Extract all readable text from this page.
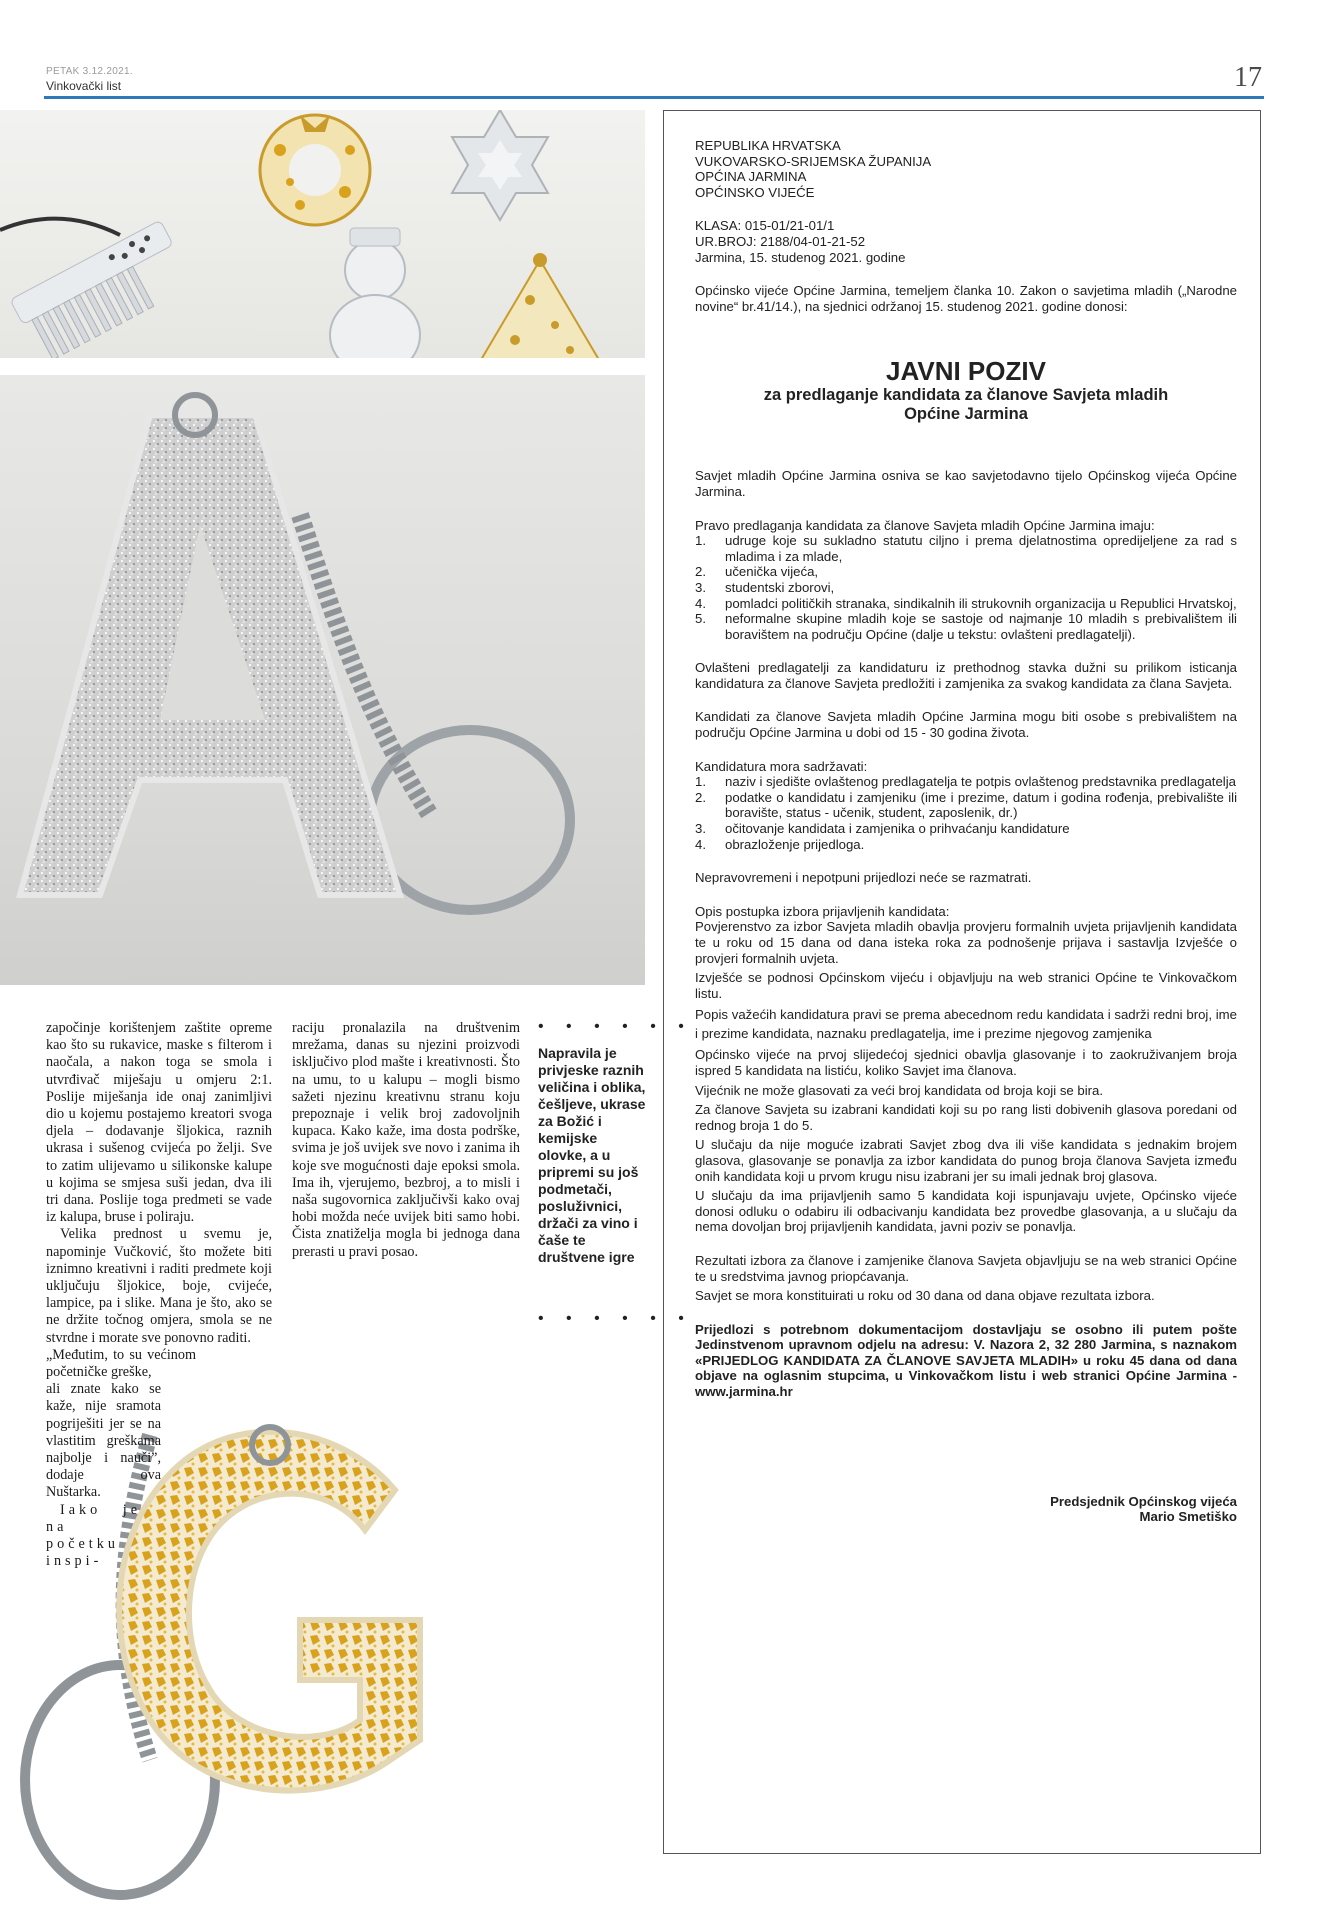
PETAK 3.12.2021.
Vinkovački list	17

započinje korištenjem zaštite opreme kao što su rukavice, maske s filterom i naočala, a nakon toga se smola i utvrđivač miješaju u omjeru 2:1. Poslije miješanja ide onaj zanimljivi dio u kojemu postajemo kreatori svoga djela – dodavanje šljokica, raznih ukrasa i sušenog cvijeća po želji. Sve to zatim ulijevamo u silikonske kalupe u kojima se smjesa suši jedan, dva ili tri dana. Poslije toga predmeti se vade iz kalupa, bruse i poliraju.

Velika prednost u svemu je, napominje Vučković, što možete biti iznimno kreativni i raditi predmete koji uključuju šljokice, boje, cvijeće, lampice, pa i slike. Mana je što, ako se ne držite točnog omjera, smola se ne stvrdne i morate sve ponovno raditi.

„Međutim, to su većinom početničke greške,

ali znate kako se kaže, nije sramota pogriješiti jer se na vlastitim greškama najbolje i nauči”, dodaje ova Nuštarka.

Iako je na početku inspi-

raciju pronalazila na društvenim mrežama, danas su njezini proizvodi isključivo plod mašte i kreativnosti. Što na umu, to u kalupu – mogli bismo sažeti njezinu kreativnu stranu koju prepoznaje i velik broj zadovoljnih kupaca. Kako kaže, ima dosta podrške, svima je još uvijek sve novo i zanima ih koje sve mogućnosti daje epoksi smola. Ima ih, vjerujemo, bezbroj, a to misli i naša sugovornica zaključivši kako ovaj hobi možda neće uvijek biti samo hobi. Čista znatiželja mogla bi jednoga dana prerasti u pravi posao.

• • • • • •
Napravila je privjeske raznih veličina i oblika, češljeve, ukrase za Božić i kemijske olovke, a u pripremi su još podmetači, posluživnici, držači za vino i čaše te društvene igre
• • • • • •

REPUBLIKA HRVATSKA

VUKOVARSKO-SRIJEMSKA ŽUPANIJA

OPĆINA JARMINA

OPĆINSKO VIJEĆE

KLASA: 015-01/21-01/1

UR.BROJ: 2188/04-01-21-52

Jarmina, 15. studenog 2021. godine

Općinsko vijeće Općine Jarmina, temeljem članka 10. Zakon o savjetima mladih („Narodne novine“ br.41/14.), na sjednici održanoj 15. studenog 2021. godine donosi:

JAVNI POZIV
za predlaganje kandidata za članove Savjeta mladih
Općine Jarmina

Savjet mladih Općine Jarmina osniva se kao savjetodavno tijelo Općinskog vijeća Općine Jarmina.

Pravo predlaganja kandidata za članove Savjeta mladih Općine Jarmina imaju:

1. udruge koje su sukladno statutu ciljno i prema djelatnostima opredijeljene za rad s mladima i za mlade,
2. učenička vijeća,
3. studentski zborovi,
4. pomladci političkih stranaka, sindikalnih ili strukovnih organizacija u Republici Hrvatskoj,
5. neformalne skupine mladih koje se sastoje od najmanje 10 mladih s prebivalištem ili boravištem na području Općine (dalje u tekstu: ovlašteni predlagatelji).

Ovlašteni predlagatelji za kandidaturu iz prethodnog stavka dužni su prilikom isticanja kandidatura za članove Savjeta predložiti i zamjenika za svakog kandidata za člana Savjeta.

Kandidati za članove Savjeta mladih Općine Jarmina mogu biti osobe s prebivalištem na području Općine Jarmina u dobi od 15 - 30 godina života.

Kandidatura mora sadržavati:

1. naziv i sjedište ovlaštenog predlagatelja te potpis ovlaštenog predstavnika predlagatelja
2. podatke o kandidatu i zamjeniku (ime i prezime, datum i godina rođenja, prebivalište ili boravište, status - učenik, student, zaposlenik, dr.)
3. očitovanje kandidata i zamjenika o prihvaćanju kandidature
4. obrazloženje prijedloga.

Nepravovremeni i nepotpuni prijedlozi neće se razmatrati.

Opis postupka izbora prijavljenih kandidata:

Povjerenstvo za izbor Savjeta mladih obavlja provjeru formalnih uvjeta prijavljenih kandidata te u roku od 15 dana od dana isteka roka za podnošenje prijava i sastavlja Izvješće o provjeri formalnih uvjeta.

Izvješće se podnosi Općinskom vijeću i objavljuju na web stranici Općine te Vinkovačkom listu.

Popis važećih kandidatura pravi se prema abecednom redu kandidata i sadrži redni broj, ime i prezime kandidata, naznaku predlagatelja, ime i prezime njegovog zamjenika

Općinsko vijeće na prvoj slijedećoj sjednici obavlja glasovanje i to zaokruživanjem broja ispred 5 kandidata na listiću, koliko Savjet ima članova.

Vijećnik ne može glasovati za veći broj kandidata od broja koji se bira.

Za članove Savjeta su izabrani kandidati koji su po rang listi dobivenih glasova poredani od rednog broja 1 do 5.

U slučaju da nije moguće izabrati Savjet zbog dva ili više kandidata s jednakim brojem glasova, glasovanje se ponavlja za izbor kandidata do punog broja članova Savjeta između onih kandidata koji u prvom krugu nisu izabrani jer su imali jednak broj glasova.

U slučaju da ima prijavljenih samo 5 kandidata koji ispunjavaju uvjete, Općinsko vijeće donosi odluku o odabiru ili odbacivanju kandidata bez provedbe glasovanja, a u slučaju da nema dovoljan broj prijavljenih kandidata, javni poziv se ponavlja.

Rezultati izbora za članove i zamjenike članova Savjeta objavljuju se na web stranici Općine te u sredstvima javnog priopćavanja.

Savjet se mora konstituirati u roku od 30 dana od dana objave rezultata izbora.

Prijedlozi s potrebnom dokumentacijom dostavljaju se osobno ili putem pošte Jedinstvenom upravnom odjelu na adresu: V. Nazora 2, 32 280 Jarmina, s naznakom «PRIJEDLOG KANDIDATA ZA ČLANOVE SAVJETA MLADIH» u roku 45 dana od dana objave na oglasnim stupcima, u Vinkovačkom listu i web stranici Općine Jarmina - www.jarmina.hr

Predsjednik Općinskog vijeća

Mario Smetiško
